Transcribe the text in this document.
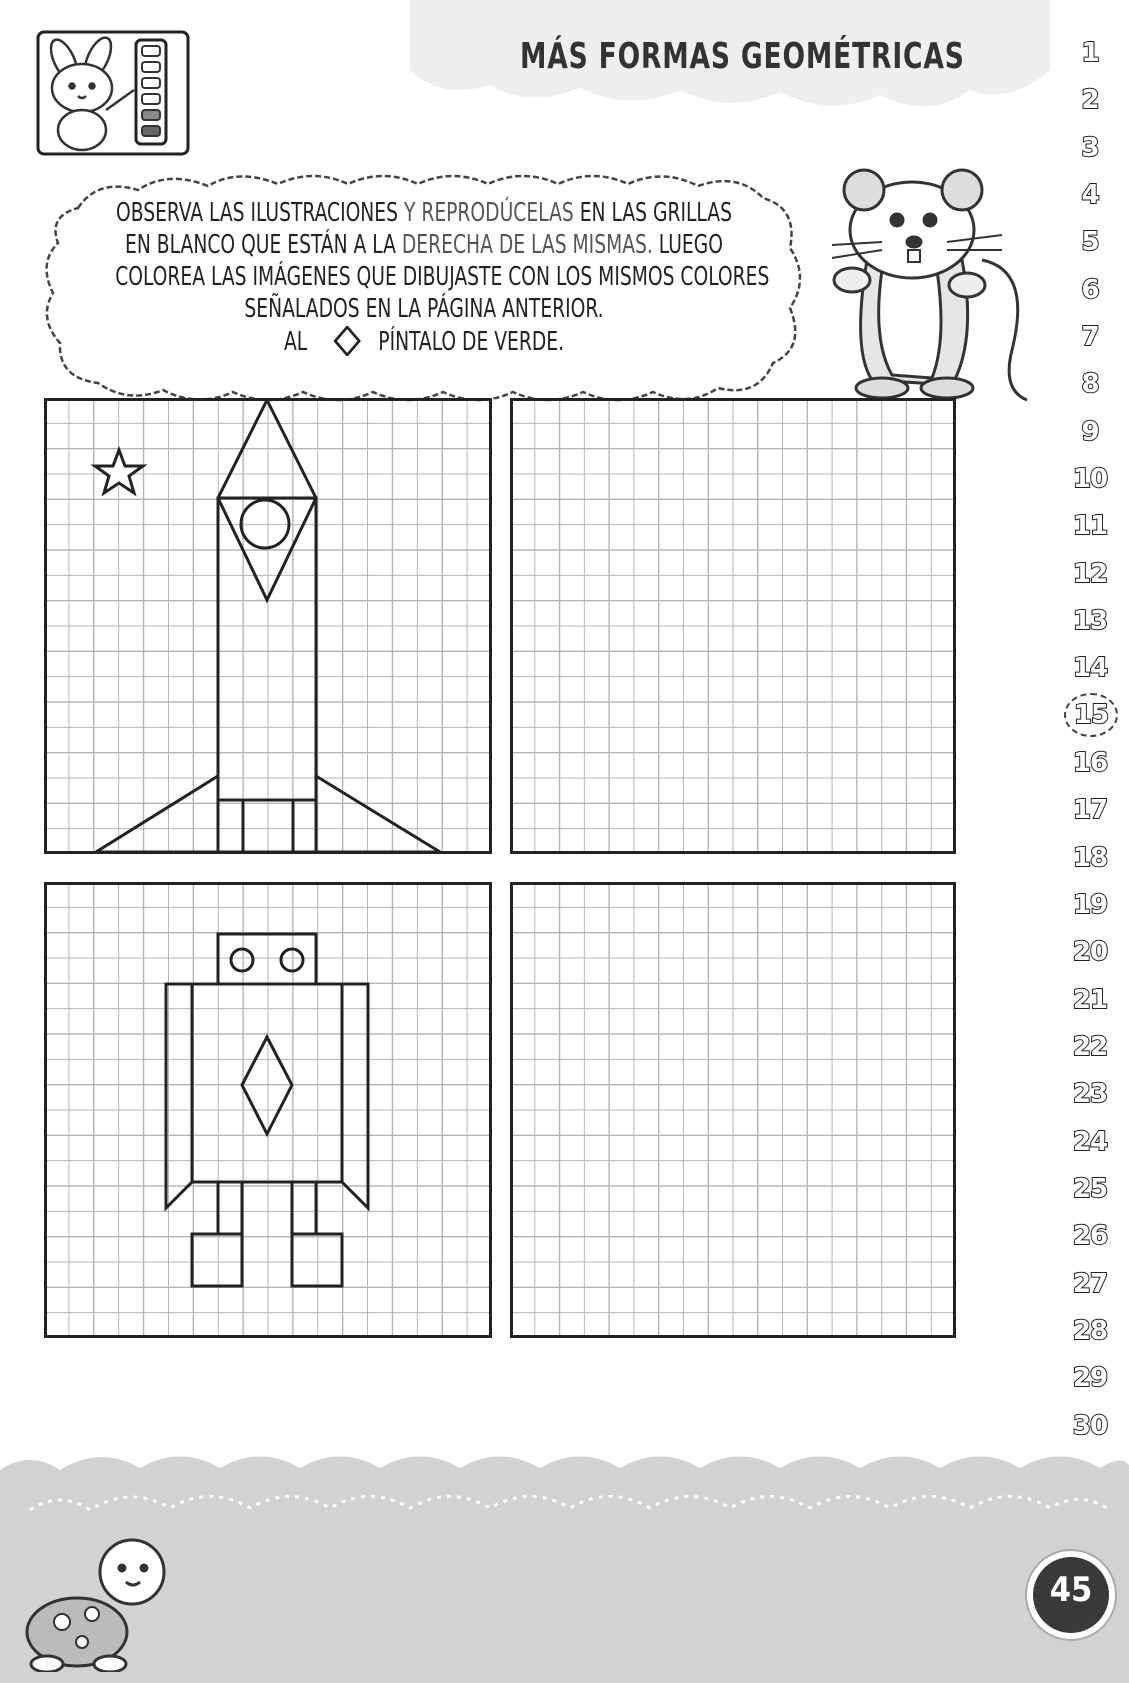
MÁS FORMAS GEOMÉTRICAS
OBSERVA LAS ILUSTRACIONES Y REPRODÚCELAS EN LAS GRILLAS
EN BLANCO QUE ESTÁN A LA DERECHA DE LAS MISMAS. LUEGO
COLOREA LAS IMÁGENES QUE DIBUJASTE CON LOS MISMOS COLORES
SEÑALADOS EN LA PÁGINA ANTERIOR.
AL	PÍNTALO DE VERDE.
1
2
3
4
5
6
7
8
9
10
11
12
13
14
15
16
17
18
19
20
21
22
23
24
25
26
27
28
29
30
45
